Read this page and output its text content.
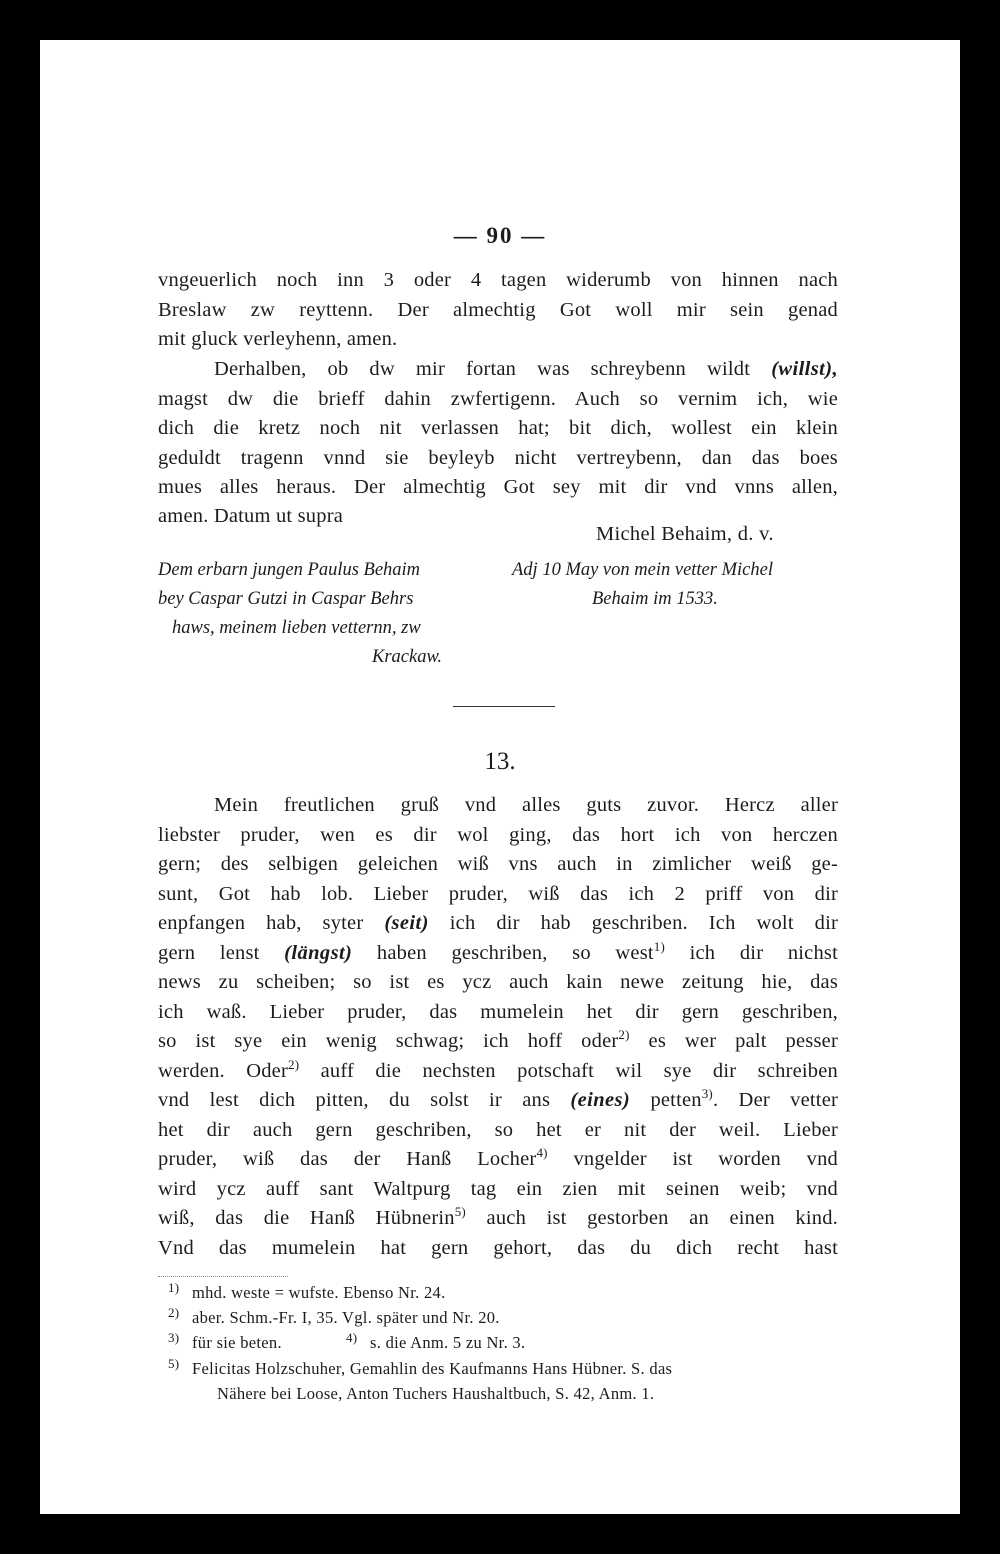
— 90 —
vngeuerlich noch inn 3 oder 4 tagen widerumb von hinnen nach
Breslaw zw reyttenn. Der almechtig Got woll mir sein genad
mit gluck verleyhenn, amen.
Derhalben, ob dw mir fortan was schreybenn wildt (willst),
magst dw die brieff dahin zwfertigenn. Auch so vernim ich, wie
dich die kretz noch nit verlassen hat; bit dich, wollest ein klein
geduldt tragenn vnnd sie beyleyb nicht vertreybenn, dan das boes
mues alles heraus. Der almechtig Got sey mit dir vnd vnns allen,
amen. Datum ut supra
Michel Behaim, d. v.
Dem erbarn jungen Paulus Behaim
bey Caspar Gutzi in Caspar Behrs
haws, meinem lieben vetternn, zw
Krackaw.
Adj 10 May von mein vetter Michel
Behaim im 1533.
13.
Mein freutlichen gruß vnd alles guts zuvor. Hercz aller
liebster pruder, wen es dir wol ging, das hort ich von herczen
gern; des selbigen geleichen wiß vns auch in zimlicher weiß ge-
sunt, Got hab lob. Lieber pruder, wiß das ich 2 priff von dir
enpfangen hab, syter (seit) ich dir hab geschriben. Ich wolt dir
gern lenst (längst) haben geschriben, so west$^{1)}$ ich dir nichst
news zu scheiben; so ist es ycz auch kain newe zeitung hie, das
ich waß. Lieber pruder, das mumelein het dir gern geschriben,
so ist sye ein wenig schwag; ich hoff oder$^{2)}$ es wer palt pesser
werden. Oder$^{2)}$ auff die nechsten potschaft wil sye dir schreiben
vnd lest dich pitten, du solst ir ans (eines) petten$^{3)}$. Der vetter
het dir auch gern geschriben, so het er nit der weil. Lieber
pruder, wiß das der Hanß Locher$^{4)}$ vngelder ist worden vnd
wird ycz auff sant Waltpurg tag ein zien mit seinen weib; vnd
wiß, das die Hanß Hübnerin$^{5)}$ auch ist gestorben an einen kind.
Vnd das mumelein hat gern gehort, das du dich recht hast
1) mhd. weste = wufste. Ebenso Nr. 24.
2) aber. Schm.-Fr. I, 35. Vgl. später und Nr. 20.
3) für sie beten.	4) s. die Anm. 5 zu Nr. 3.
5) Felicitas Holzschuher, Gemahlin des Kaufmanns Hans Hübner. S. das
Nähere bei Loose, Anton Tuchers Haushaltbuch, S. 42, Anm. 1.
